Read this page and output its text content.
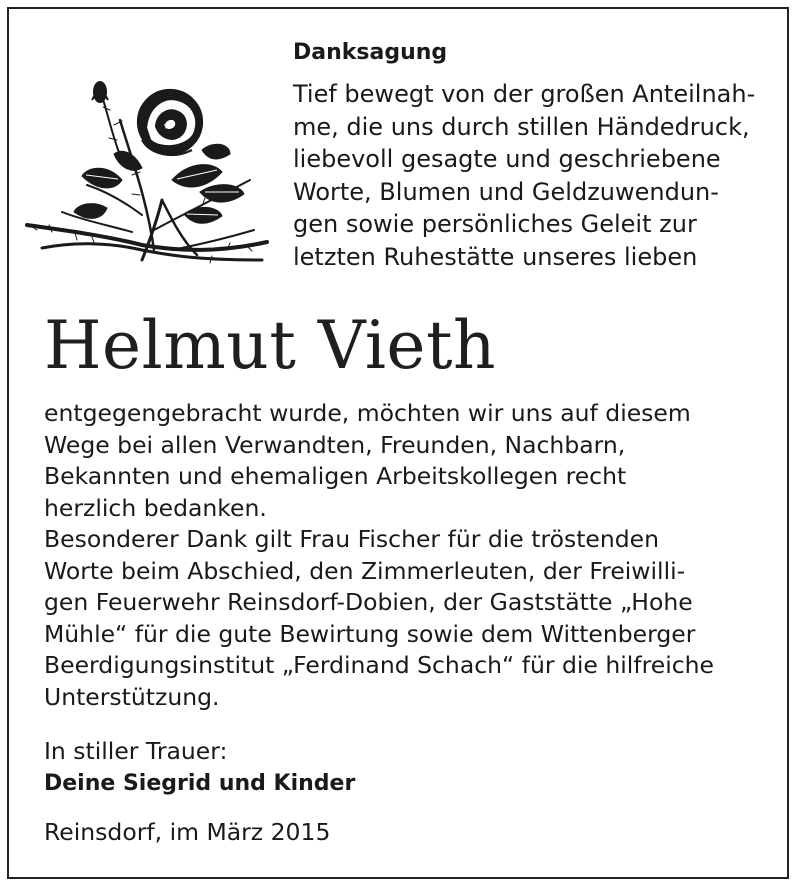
Danksagung

Tief bewegt von der großen Anteilnah-
me, die uns durch stillen Händedruck,
liebevoll gesagte und geschriebene
Worte, Blumen und Geldzuwendun-
gen sowie persönliches Geleit zur
letzten Ruhestätte unseres lieben

Helmut Vieth

entgegengebracht wurde, möchten wir uns auf diesem
Wege bei allen Verwandten, Freunden, Nachbarn,
Bekannten und ehemaligen Arbeitskollegen recht
herzlich bedanken.
Besonderer Dank gilt Frau Fischer für die tröstenden
Worte beim Abschied, den Zimmerleuten, der Freiwilli-
gen Feuerwehr Reinsdorf-Dobien, der Gaststätte „Hohe
Mühle“ für die gute Bewirtung sowie dem Wittenberger
Beerdigungsinstitut „Ferdinand Schach“ für die hilfreiche
Unterstützung.

In stiller Trauer:
Deine Siegrid und Kinder
Reinsdorf, im März 2015
